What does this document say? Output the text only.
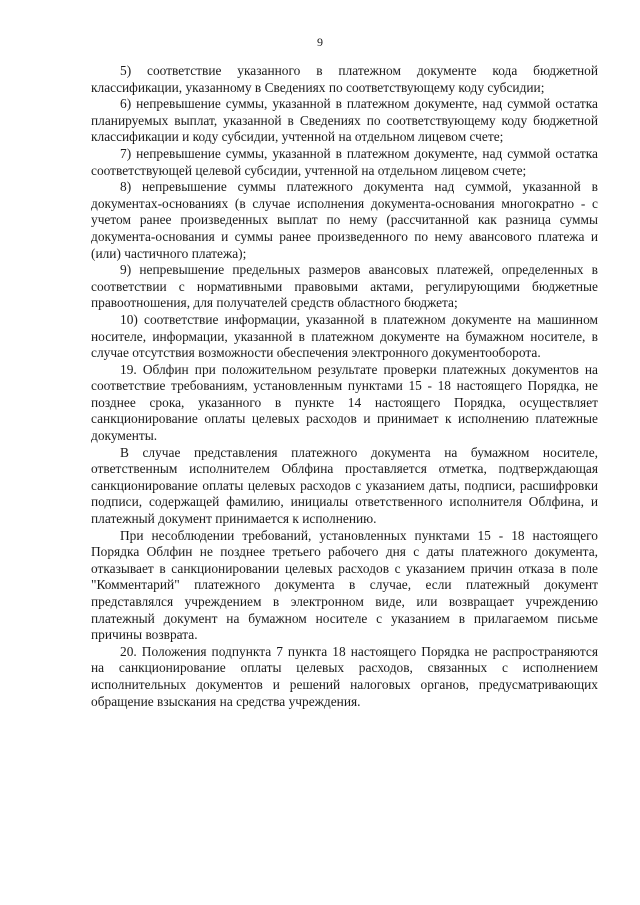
9

5) соответствие указанного в платежном документе кода бюджетной классификации, указанному в Сведениях по соответствующему коду субсидии;

6) непревышение суммы, указанной в платежном документе, над суммой остатка планируемых выплат, указанной в Сведениях по соответствующему коду бюджетной классификации и коду субсидии, учтенной на отдельном лицевом счете;

7) непревышение суммы, указанной в платежном документе, над суммой остатка соответствующей целевой субсидии, учтенной на отдельном лицевом счете;

8) непревышение суммы платежного документа над суммой, указанной в документах-основаниях (в случае исполнения документа-основания многократно - с учетом ранее произведенных выплат по нему (рассчитанной как разница суммы документа-основания и суммы ранее произведенного по нему авансового платежа и (или) частичного платежа);

9) непревышение предельных размеров авансовых платежей, определенных в соответствии с нормативными правовыми актами, регулирующими бюджетные правоотношения, для получателей средств областного бюджета;

10) соответствие информации, указанной в платежном документе на машинном носителе, информации, указанной в платежном документе на бумажном носителе, в случае отсутствия возможности обеспечения электронного документооборота.

19. Облфин при положительном результате проверки платежных документов на соответствие требованиям, установленным пунктами 15 - 18 настоящего Порядка, не позднее срока, указанного в пункте 14 настоящего Порядка, осуществляет санкционирование оплаты целевых расходов и принимает к исполнению платежные документы.

В случае представления платежного документа на бумажном носителе, ответственным исполнителем Облфина проставляется отметка, подтверждающая санкционирование оплаты целевых расходов с указанием даты, подписи, расшифровки подписи, содержащей фамилию, инициалы ответственного исполнителя Облфина, и платежный документ принимается к исполнению.

При несоблюдении требований, установленных пунктами 15 - 18 настоящего Порядка Облфин не позднее третьего рабочего дня с даты платежного документа, отказывает в санкционировании целевых расходов с указанием причин отказа в поле "Комментарий" платежного документа в случае, если платежный документ представлялся учреждением в электронном виде, или возвращает учреждению платежный документ на бумажном носителе с указанием в прилагаемом письме причины возврата.

20. Положения подпункта 7 пункта 18 настоящего Порядка не распространяются на санкционирование оплаты целевых расходов, связанных с исполнением исполнительных документов и решений налоговых органов, предусматривающих обращение взыскания на средства учреждения.
